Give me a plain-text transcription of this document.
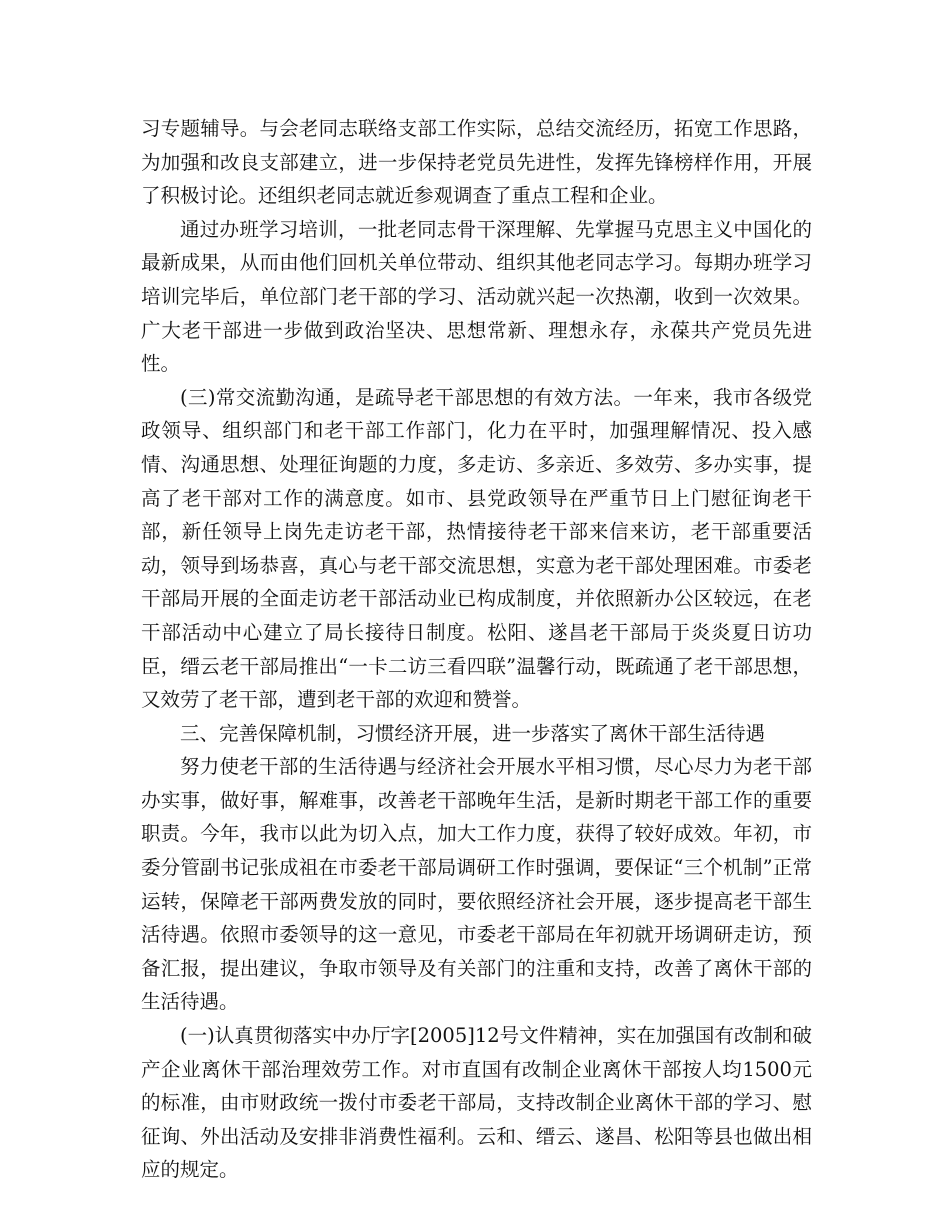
习专题辅导。与会老同志联络支部工作实际，总结交流经历，拓宽工作思路，为加强和改良支部建立，进一步保持老党员先进性，发挥先锋榜样作用，开展了积极讨论。还组织老同志就近参观调查了重点工程和企业。

通过办班学习培训，一批老同志骨干深理解、先掌握马克思主义中国化的最新成果，从而由他们回机关单位带动、组织其他老同志学习。每期办班学习培训完毕后，单位部门老干部的学习、活动就兴起一次热潮，收到一次效果。广大老干部进一步做到政治坚决、思想常新、理想永存，永葆共产党员先进性。

(三)常交流勤沟通，是疏导老干部思想的有效方法。一年来，我市各级党政领导、组织部门和老干部工作部门，化力在平时，加强理解情况、投入感情、沟通思想、处理征询题的力度，多走访、多亲近、多效劳、多办实事，提高了老干部对工作的满意度。如市、县党政领导在严重节日上门慰征询老干部，新任领导上岗先走访老干部，热情接待老干部来信来访，老干部重要活动，领导到场恭喜，真心与老干部交流思想，实意为老干部处理困难。市委老干部局开展的全面走访老干部活动业已构成制度，并依照新办公区较远，在老干部活动中心建立了局长接待日制度。松阳、遂昌老干部局于炎炎夏日访功臣，缙云老干部局推出“一卡二访三看四联”温馨行动，既疏通了老干部思想，又效劳了老干部，遭到老干部的欢迎和赞誉。

三、完善保障机制，习惯经济开展，进一步落实了离休干部生活待遇

努力使老干部的生活待遇与经济社会开展水平相习惯，尽心尽力为老干部办实事，做好事，解难事，改善老干部晚年生活，是新时期老干部工作的重要职责。今年，我市以此为切入点，加大工作力度，获得了较好成效。年初，市委分管副书记张成祖在市委老干部局调研工作时强调，要保证“三个机制”正常运转，保障老干部两费发放的同时，要依照经济社会开展，逐步提高老干部生活待遇。依照市委领导的这一意见，市委老干部局在年初就开场调研走访，预备汇报，提出建议，争取市领导及有关部门的注重和支持，改善了离休干部的生活待遇。

(一)认真贯彻落实中办厅字[2005]12号文件精神，实在加强国有改制和破产企业离休干部治理效劳工作。对市直国有改制企业离休干部按人均1500元的标准，由市财政统一拨付市委老干部局，支持改制企业离休干部的学习、慰征询、外出活动及安排非消费性福利。云和、缙云、遂昌、松阳等县也做出相应的规定。
